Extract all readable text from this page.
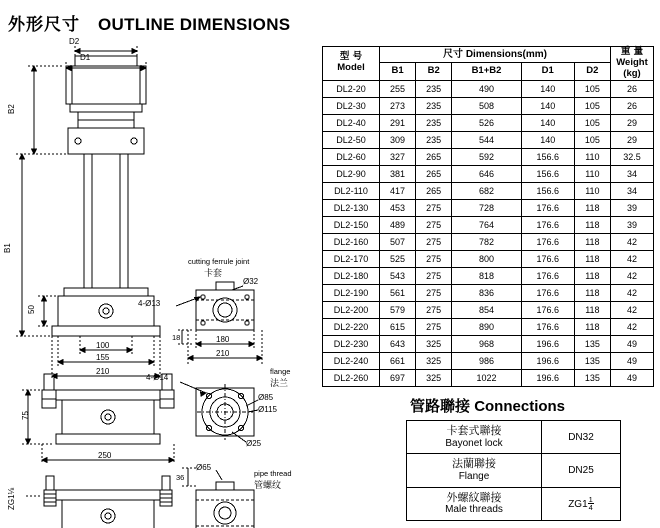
外形尺寸 OUTLINE DIMENSIONS
D2
D1
B2
B1
50
100
155
210
4-Ø13
cutting ferrule joint
卡套
Ø32
180
18
210
flange
法兰
4-Ø14
Ø85
Ø115
75
250
Ø25
Ø65
36	pipe thread
管螺纹
ZG1⅛
型 号
Model
	尺寸 Dimensions(mm)	重 量
Weight
(kg)

	B1	B2	B1+B2	D1	D2	
DL2-20	255	235	490	140	105	26
DL2-30	273	235	508	140	105	26
DL2-40	291	235	526	140	105	29
DL2-50	309	235	544	140	105	29
DL2-60	327	265	592	156.6	110	32.5
DL2-90	381	265	646	156.6	110	34
DL2-110	417	265	682	156.6	110	34
DL2-130	453	275	728	176.6	118	39
DL2-150	489	275	764	176.6	118	39
DL2-160	507	275	782	176.6	118	42
DL2-170	525	275	800	176.6	118	42
DL2-180	543	275	818	176.6	118	42
DL2-190	561	275	836	176.6	118	42
DL2-200	579	275	854	176.6	118	42
DL2-220	615	275	890	176.6	118	42
DL2-230	643	325	968	196.6	135	49
DL2-240	661	325	986	196.6	135	49
DL2-260	697	325	1022	196.6	135	49
管路聯接 Connections
卡套式聯接
Bayonet lock	DN32

法蘭聯接
Flange	DN25

外螺紋聯接
Male threads	$ZG1 \frac{1}{4}$
